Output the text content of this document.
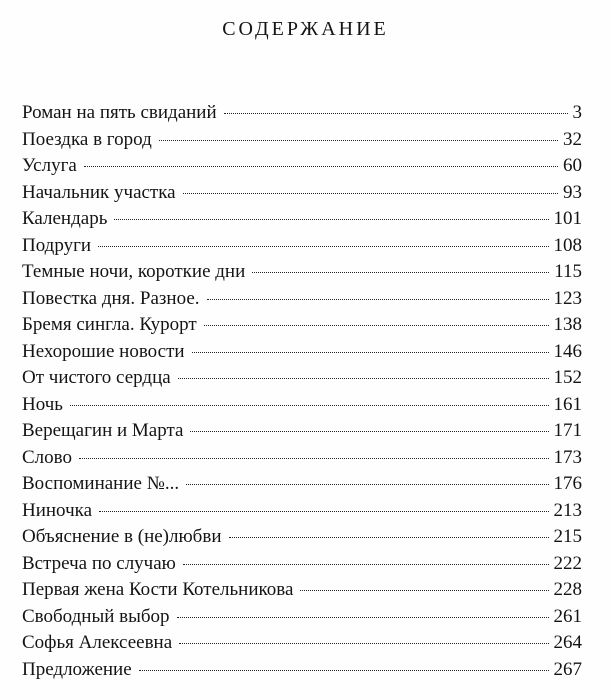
СОДЕРЖАНИЕ
Роман на пять свиданий	3
Поездка в город	32
Услуга	60
Начальник участка	93
Календарь	101
Подруги	108
Темные ночи, короткие дни	115
Повестка дня. Разное.	123
Бремя сингла. Курорт	138
Нехорошие новости	146
От чистого сердца	152
Ночь	161
Верещагин и Марта	171
Слово	173
Воспоминание №...	176
Ниночка	213
Объяснение в (не)любви	215
Встреча по случаю	222
Первая жена Кости Котельникова	228
Свободный выбор	261
Софья Алексеевна	264
Предложение	267
